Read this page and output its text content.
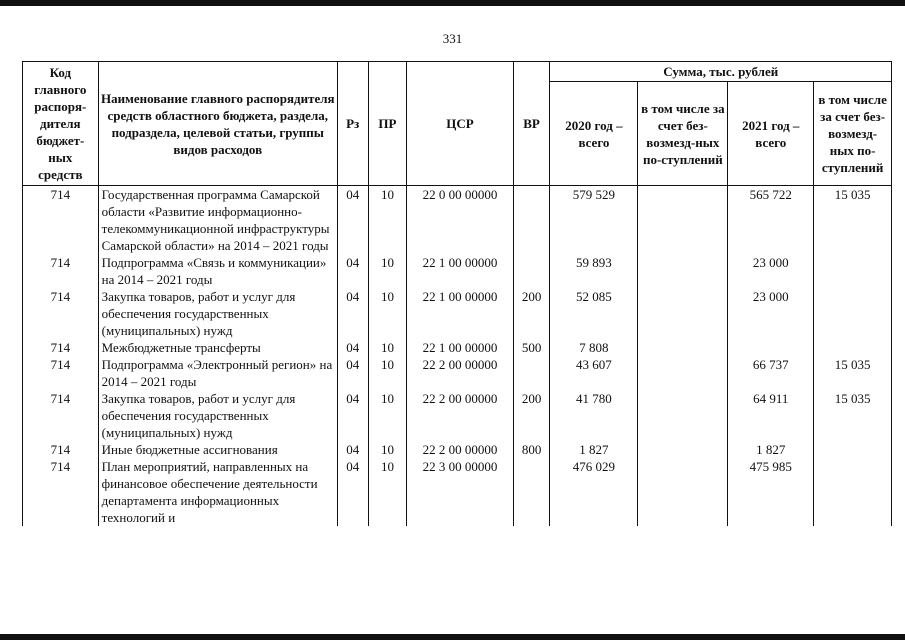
331
Код главного распоря-дителя бюджет-ных средств	Наименование главного распорядителя средств областного бюджета, раздела, подраздела, целевой статьи, группы видов расходов	Рз	ПР	ЦСР	ВР	Сумма, тыс. рублей			
						2020 год – всего	в том числе за счет без-возмезд-ных по-ступлений	2021 год – всего	в том числе за счет без-возмезд-ных по-ступлений
714	Государственная программа Самарской области «Развитие информационно-телекоммуникационной инфраструктуры Самарской области» на 2014 – 2021 годы	04	10	22 0 00 00000		579 529		565 722	15 035
714	Подпрограмма «Связь и коммуникации» на 2014 – 2021 годы	04	10	22 1 00 00000		59 893		23 000	
714	Закупка товаров, работ и услуг для обеспечения государственных (муниципальных) нужд	04	10	22 1 00 00000	200	52 085		23 000	
714	Межбюджетные трансферты	04	10	22 1 00 00000	500	7 808			
714	Подпрограмма «Электронный регион» на 2014 – 2021 годы	04	10	22 2 00 00000		43 607		66 737	15 035
714	Закупка товаров, работ и услуг для обеспечения государственных (муниципальных) нужд	04	10	22 2 00 00000	200	41 780		64 911	15 035
714	Иные бюджетные ассигнования	04	10	22 2 00 00000	800	1 827		1 827	
714	План мероприятий, направленных на финансовое обеспечение деятельности департамента информационных технологий и	04	10	22 3 00 00000		476 029		475 985	
